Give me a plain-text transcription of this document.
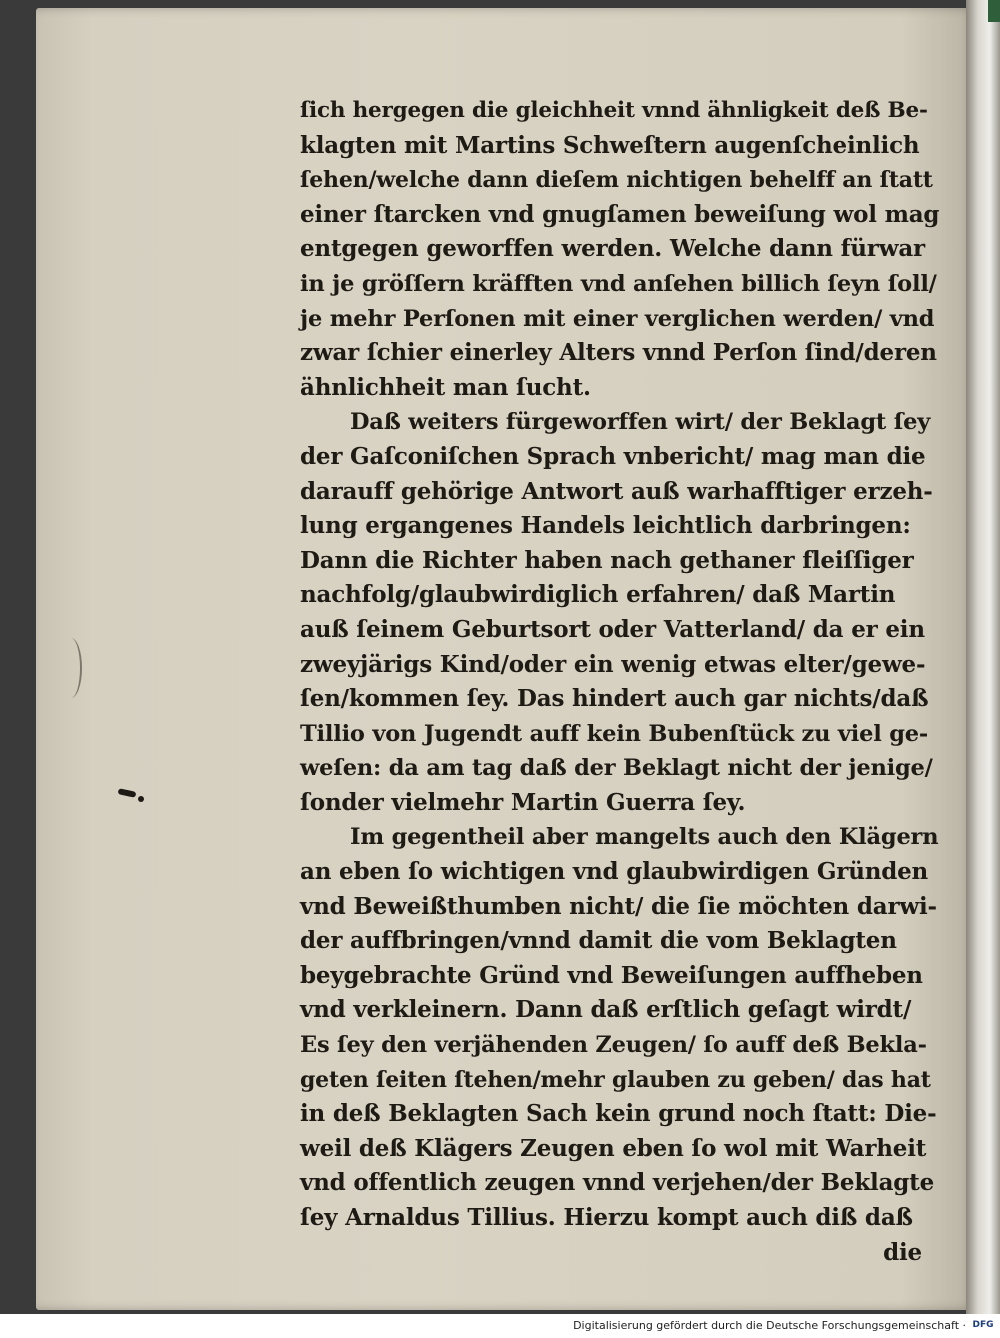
ſich hergegen die gleichheit vnnd ähnligkeit deß Be-
klagten mit Martins Schweſtern augenſcheinlich
ſehen/welche dann dieſem nichtigen behelff an ſtatt
einer ſtarcken vnd gnugſamen beweiſung wol mag
entgegen geworffen werden. Welche dann fürwar
in je gröſſern kräfften vnd anſehen billich ſeyn ſoll/
je mehr Perſonen mit einer verglichen werden/ vnd
zwar ſchier einerley Alters vnnd Perſon ſind/deren
ähnlichheit man ſucht.
Daß weiters fürgeworffen wirt/ der Beklagt ſey
der Gaſconiſchen Sprach vnbericht/ mag man die
darauff gehörige Antwort auß warhafftiger erzeh-
lung ergangenes Handels leichtlich darbringen:
Dann die Richter haben nach gethaner fleiſſiger
nachfolg/glaubwirdiglich erfahren/ daß Martin
auß ſeinem Geburtsort oder Vatterland/ da er ein
zweyjärigs Kind/oder ein wenig etwas elter/gewe-
ſen/kommen ſey. Das hindert auch gar nichts/daß
Tillio von Jugendt auff kein Bubenſtück zu viel ge-
weſen: da am tag daß der Beklagt nicht der jenige/
ſonder vielmehr Martin Guerra ſey.
Im gegentheil aber mangelts auch den Klägern
an eben ſo wichtigen vnd glaubwirdigen Gründen
vnd Beweißthumben nicht/ die ſie möchten darwi-
der auffbringen/vnnd damit die vom Beklagten
beygebrachte Gründ vnd Beweiſungen auffheben
vnd verkleinern. Dann daß erſtlich geſagt wirdt/
Es ſey den verjähenden Zeugen/ ſo auff deß Bekla-
geten ſeiten ſtehen/mehr glauben zu geben/ das hat
in deß Beklagten Sach kein grund noch ſtatt: Die-
weil deß Klägers Zeugen eben ſo wol mit Warheit
vnd offentlich zeugen vnnd verjehen/der Beklagte
ſey Arnaldus Tillius. Hierzu kompt auch diß daß
die
Digitalisierung gefördert durch die Deutsche Forschungsgemeinschaft · DFG
